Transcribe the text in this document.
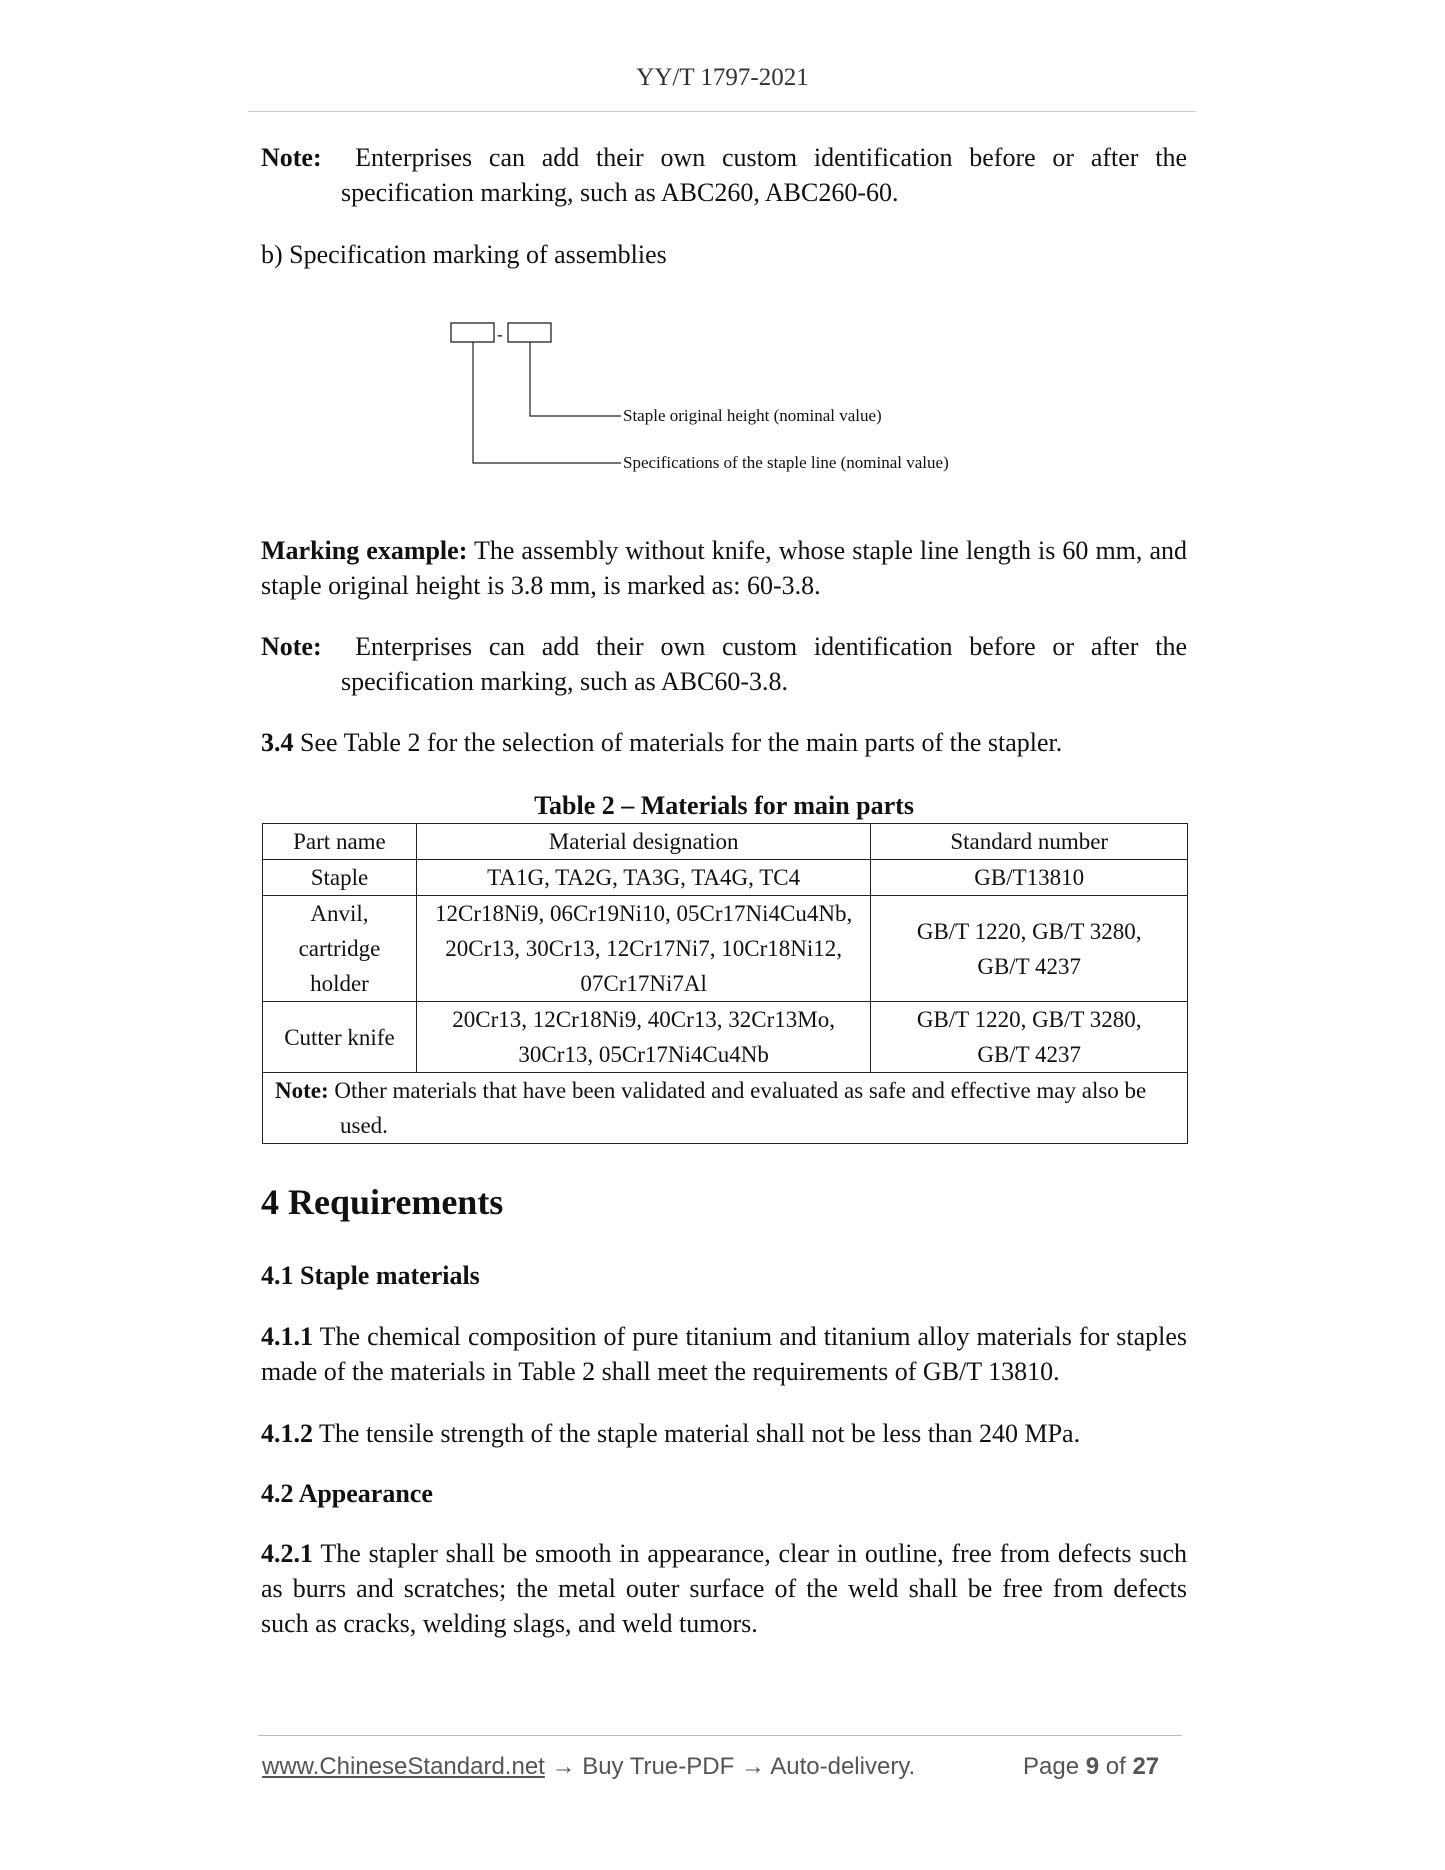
YY/T 1797-2021
Note: Enterprises can add their own custom identification before or after the specification marking, such as ABC260, ABC260-60.
b) Specification marking of assemblies
-
Staple original height (nominal value)
Specifications of the staple line (nominal value)
Marking example: The assembly without knife, whose staple line length is 60 mm, and staple original height is 3.8 mm, is marked as: 60-3.8.
Note: Enterprises can add their own custom identification before or after the specification marking, such as ABC60-3.8.
3.4 See Table 2 for the selection of materials for the main parts of the stapler.
Table 2 – Materials for main parts
Part name	Material designation	Standard number
Staple	TA1G, TA2G, TA3G, TA4G, TC4	GB/T13810
Anvil, cartridge holder	12Cr18Ni9, 06Cr19Ni10, 05Cr17Ni4Cu4Nb, 20Cr13, 30Cr13, 12Cr17Ni7, 10Cr18Ni12, 07Cr17Ni7Al	GB/T 1220, GB/T 3280, GB/T 4237
Cutter knife	20Cr13, 12Cr18Ni9, 40Cr13, 32Cr13Mo, 30Cr13, 05Cr17Ni4Cu4Nb	GB/T 1220, GB/T 3280, GB/T 4237

Note: Other materials that have been validated and evaluated as safe and effective may also be used.		
4 Requirements
4.1 Staple materials
4.1.1 The chemical composition of pure titanium and titanium alloy materials for staples made of the materials in Table 2 shall meet the requirements of GB/T 13810.
4.1.2 The tensile strength of the staple material shall not be less than 240 MPa.
4.2 Appearance
4.2.1 The stapler shall be smooth in appearance, clear in outline, free from defects such as burrs and scratches; the metal outer surface of the weld shall be free from defects such as cracks, welding slags, and weld tumors.
www.ChineseStandard.net → Buy True-PDF → Auto-delivery.	Page 9 of 27
